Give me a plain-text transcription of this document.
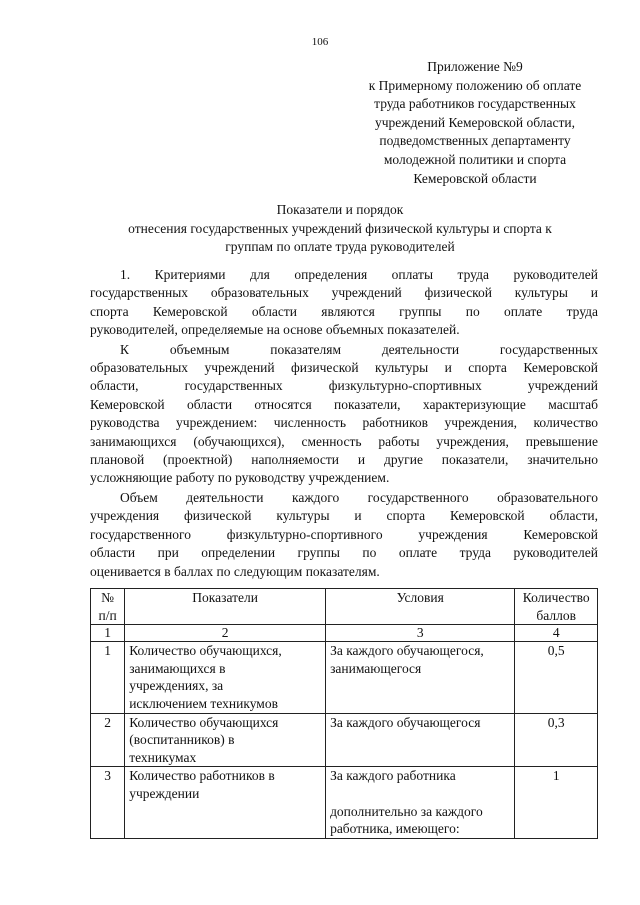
106
Приложение №9
к Примерному положению об оплате
труда работников государственных
учреждений Кемеровской области,
подведомственных департаменту
молодежной политики и спорта
Кемеровской области
Показатели и порядок
отнесения государственных учреждений физической культуры и спорта к
группам по оплате труда руководителей
1. Критериями для определения оплаты труда руководителей
государственных образовательных учреждений физической культуры и
спорта Кемеровской области являются группы по оплате труда
руководителей, определяемые на основе объемных показателей.
К объемным показателям деятельности государственных
образовательных учреждений физической культуры и спорта Кемеровской
области, государственных физкультурно-спортивных учреждений
Кемеровской области относятся показатели, характеризующие масштаб
руководства учреждением: численность работников учреждения, количество
занимающихся (обучающихся), сменность работы учреждения, превышение
плановой (проектной) наполняемости и другие показатели, значительно
усложняющие работу по руководству учреждением.
Объем деятельности каждого государственного образовательного
учреждения физической культуры и спорта Кемеровской области,
государственного физкультурно-спортивного учреждения Кемеровской
области при определении группы по оплате труда руководителей
оценивается в баллах по следующим показателям.
№
п/п	Показатели	Условия	Количество
баллов
1	2	3	4
1	Количество обучающихся,
занимающихся в
учреждениях, за
исключением техникумов	За каждого обучающегося,
занимающегося	0,5
2	Количество обучающихся
(воспитанников) в
техникумах	За каждого обучающегося	0,3
3	Количество работников в
учреждении	За каждого работника
дополнительно за каждого
работника, имеющего:	1
